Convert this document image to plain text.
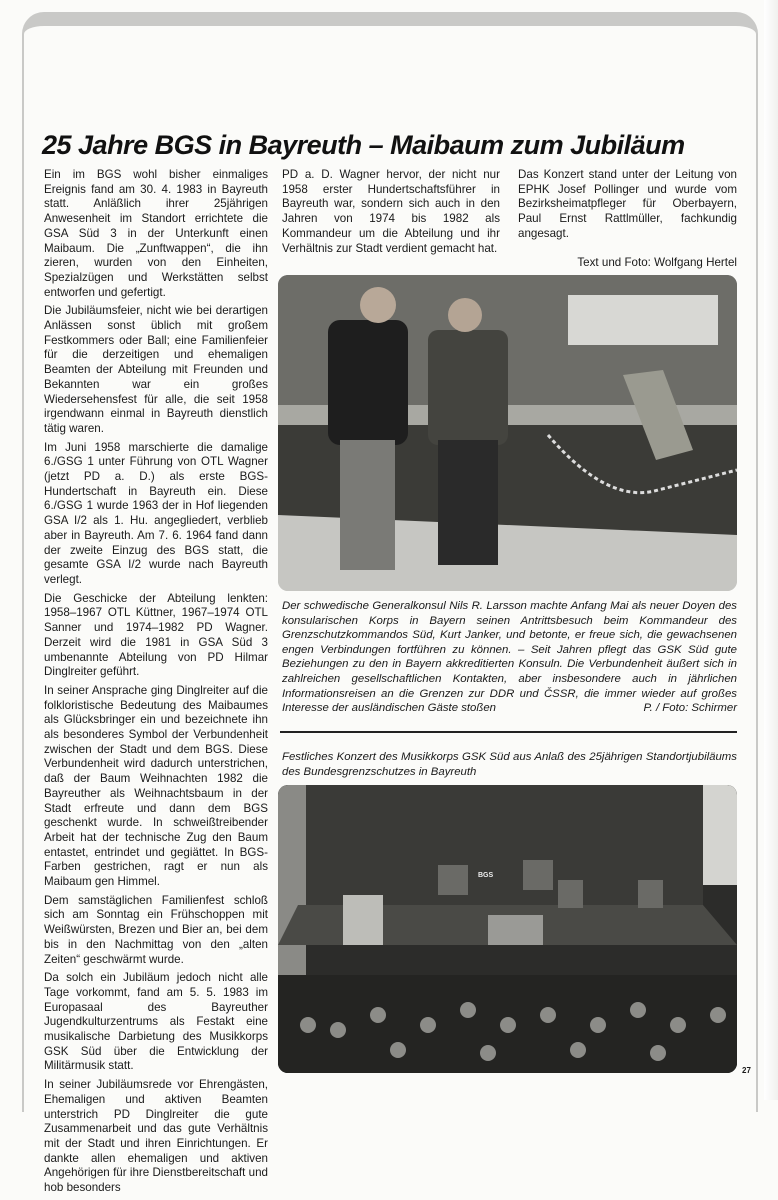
25 Jahre BGS in Bayreuth – Maibaum zum Jubiläum

Ein im BGS wohl bisher einmaliges Ereignis fand am 30. 4. 1983 in Bayreuth statt. Anläßlich ihrer 25jährigen Anwesenheit im Standort errichtete die GSA Süd 3 in der Unterkunft einen Maibaum. Die „Zunftwappen“, die ihn zieren, wurden von den Einheiten, Spezialzügen und Werkstätten selbst entworfen und gefertigt.

Die Jubiläumsfeier, nicht wie bei derartigen Anlässen sonst üblich mit großem Festkommers oder Ball; eine Familienfeier für die derzeitigen und ehemaligen Beamten der Abteilung mit Freunden und Bekannten war ein großes Wiedersehensfest für alle, die seit 1958 irgendwann einmal in Bayreuth dienstlich tätig waren.

Im Juni 1958 marschierte die damalige 6./GSG 1 unter Führung von OTL Wagner (jetzt PD a. D.) als erste BGS-Hundertschaft in Bayreuth ein. Diese 6./GSG 1 wurde 1963 der in Hof liegenden GSA I/2 als 1. Hu. angegliedert, verblieb aber in Bayreuth. Am 7. 6. 1964 fand dann der zweite Einzug des BGS statt, die gesamte GSA I/2 wurde nach Bayreuth verlegt.

Die Geschicke der Abteilung lenkten: 1958–1967 OTL Küttner, 1967–1974 OTL Sanner und 1974–1982 PD Wagner. Derzeit wird die 1981 in GSA Süd 3 umbenannte Abteilung von PD Hilmar Dinglreiter geführt.

In seiner Ansprache ging Dinglreiter auf die folkloristische Bedeutung des Maibaumes als Glücksbringer ein und bezeichnete ihn als besonderes Symbol der Verbundenheit zwischen der Stadt und dem BGS. Diese Verbundenheit wird dadurch unterstrichen, daß der Baum Weihnachten 1982 die Bayreuther als Weihnachtsbaum in der Stadt erfreute und dann dem BGS geschenkt wurde. In schweißtreibender Arbeit hat der technische Zug den Baum entastet, entrindet und gegiättet. In BGS-Farben gestrichen, ragt er nun als Maibaum gen Himmel.

Dem samstäglichen Familienfest schloß sich am Sonntag ein Frühschoppen mit Weißwürsten, Brezen und Bier an, bei dem bis in den Nachmittag von den „alten Zeiten“ geschwärmt wurde.

Da solch ein Jubiläum jedoch nicht alle Tage vorkommt, fand am 5. 5. 1983 im Europasaal des Bayreuther Jugendkulturzentrums als Festakt eine musikalische Darbietung des Musikkorps GSK Süd über die Entwicklung der Militärmusik statt.

In seiner Jubiläumsrede vor Ehrengästen, Ehemaligen und aktiven Beamten unterstrich PD Dinglreiter die gute Zusammenarbeit und das gute Verhältnis mit der Stadt und ihren Einrichtungen. Er dankte allen ehemaligen und aktiven Angehörigen für ihre Dienstbereitschaft und hob besonders

PD a. D. Wagner hervor, der nicht nur 1958 erster Hundertschaftsführer in Bayreuth war, sondern sich auch in den Jahren von 1974 bis 1982 als Kommandeur um die Abteilung und ihr Verhältnis zur Stadt verdient gemacht hat.

Das Konzert stand unter der Leitung von EPHK Josef Pollinger und wurde vom Bezirksheimatpfleger für Oberbayern, Paul Ernst Rattlmüller, fachkundig angesagt.

Text und Foto: Wolfgang Hertel

Der schwedische Generalkonsul Nils R. Larsson machte Anfang Mai als neuer Doyen des konsularischen Korps in Bayern seinen Antrittsbesuch beim Kommandeur des Grenzschutzkommandos Süd, Kurt Janker, und betonte, er freue sich, die gewachsenen engen Verbindungen fortführen zu können. – Seit Jahren pflegt das GSK Süd gute Beziehungen zu den in Bayern akkreditierten Konsuln. Die Verbundenheit äußert sich in zahlreichen gesellschaftlichen Kontakten, aber insbesondere auch in jährlichen Informationsreisen an die Grenzen zur DDR und ČSSR, die immer wieder auf großes Interesse der ausländischen Gäste stoßen	P. / Foto: Schirmer
Festliches Konzert des Musikkorps GSK Süd aus Anlaß des 25jährigen Standortjubiläums des Bundesgrenzschutzes in Bayreuth
BGS
27
